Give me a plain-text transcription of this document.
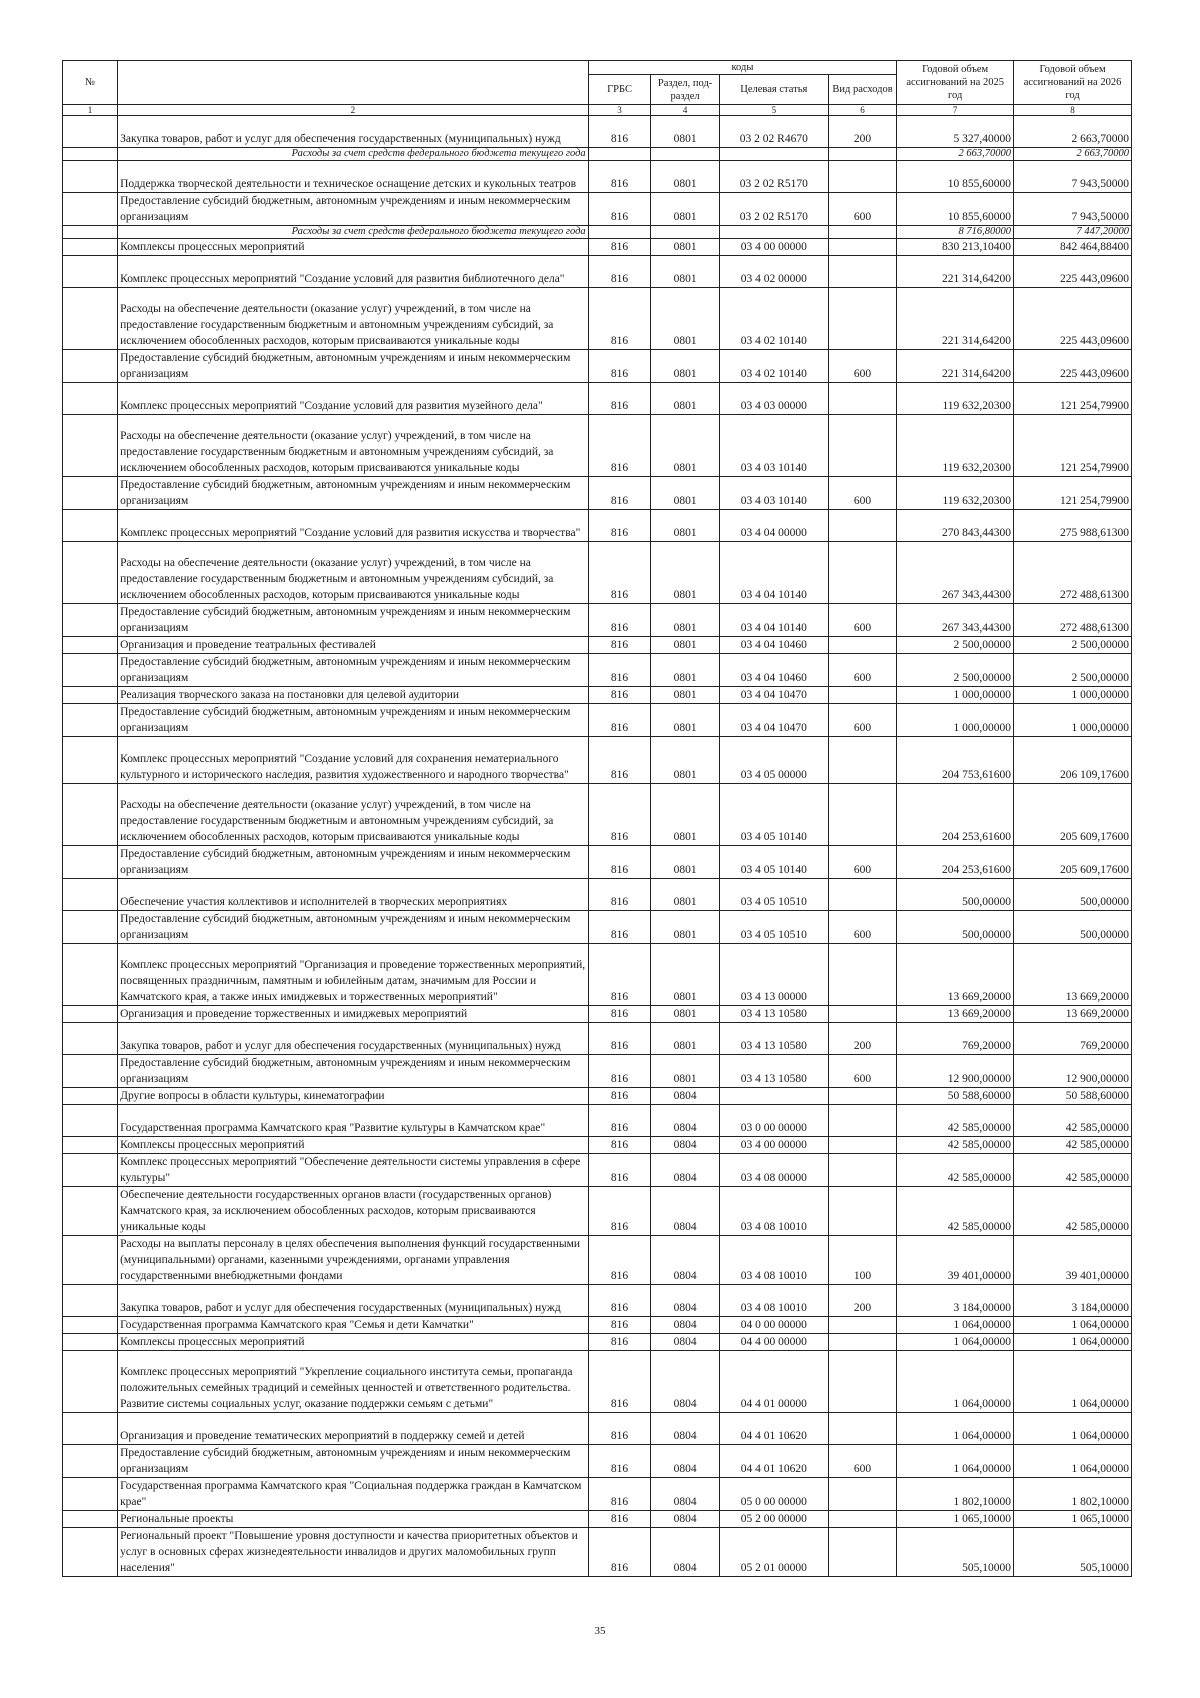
№		коды				Годовой объем ассигнований на 2025 год	Годовой объем ассигнований на 2026 год
		ГРБС	Раздел, под-раздел	Целевая статья	Вид расходов		
1	2	3	4	5	6	7	8
	Закупка товаров, работ и услуг для обеспечения государственных (муниципальных) нужд	816	0801	03 2 02 R4670	200	5 327,40000	2 663,70000
	Расходы за счет средств федерального бюджета текущего года					2 663,70000	2 663,70000
	Поддержка творческой деятельности и техническое оснащение детских и кукольных театров	816	0801	03 2 02 R5170		10 855,60000	7 943,50000
	Предоставление субсидий бюджетным, автономным учреждениям и иным некоммерческим организациям	816	0801	03 2 02 R5170	600	10 855,60000	7 943,50000
	Расходы за счет средств федерального бюджета текущего года					8 716,80000	7 447,20000
	Комплексы процессных мероприятий	816	0801	03 4 00 00000		830 213,10400	842 464,88400
	Комплекс процессных мероприятий "Создание условий для развития библиотечного дела"	816	0801	03 4 02 00000		221 314,64200	225 443,09600
	Расходы на обеспечение деятельности (оказание услуг) учреждений, в том числе на предоставление государственным бюджетным и автономным учреждениям субсидий, за исключением обособленных расходов, которым присваиваются уникальные коды	816	0801	03 4 02 10140		221 314,64200	225 443,09600
	Предоставление субсидий бюджетным, автономным учреждениям и иным некоммерческим организациям	816	0801	03 4 02 10140	600	221 314,64200	225 443,09600
	Комплекс процессных мероприятий "Создание условий для развития музейного дела"	816	0801	03 4 03 00000		119 632,20300	121 254,79900
	Расходы на обеспечение деятельности (оказание услуг) учреждений, в том числе на предоставление государственным бюджетным и автономным учреждениям субсидий, за исключением обособленных расходов, которым присваиваются уникальные коды	816	0801	03 4 03 10140		119 632,20300	121 254,79900
	Предоставление субсидий бюджетным, автономным учреждениям и иным некоммерческим организациям	816	0801	03 4 03 10140	600	119 632,20300	121 254,79900
	Комплекс процессных мероприятий "Создание условий для развития искусства и творчества"	816	0801	03 4 04 00000		270 843,44300	275 988,61300
	Расходы на обеспечение деятельности (оказание услуг) учреждений, в том числе на предоставление государственным бюджетным и автономным учреждениям субсидий, за исключением обособленных расходов, которым присваиваются уникальные коды	816	0801	03 4 04 10140		267 343,44300	272 488,61300
	Предоставление субсидий бюджетным, автономным учреждениям и иным некоммерческим организациям	816	0801	03 4 04 10140	600	267 343,44300	272 488,61300
	Организация и проведение театральных фестивалей	816	0801	03 4 04 10460		2 500,00000	2 500,00000
	Предоставление субсидий бюджетным, автономным учреждениям и иным некоммерческим организациям	816	0801	03 4 04 10460	600	2 500,00000	2 500,00000
	Реализация творческого заказа на постановки для целевой аудитории	816	0801	03 4 04 10470		1 000,00000	1 000,00000
	Предоставление субсидий бюджетным, автономным учреждениям и иным некоммерческим организациям	816	0801	03 4 04 10470	600	1 000,00000	1 000,00000
	Комплекс процессных мероприятий "Создание условий для сохранения нематериального культурного и исторического наследия, развития художественного и народного творчества"	816	0801	03 4 05 00000		204 753,61600	206 109,17600
	Расходы на обеспечение деятельности (оказание услуг) учреждений, в том числе на предоставление государственным бюджетным и автономным учреждениям субсидий, за исключением обособленных расходов, которым присваиваются уникальные коды	816	0801	03 4 05 10140		204 253,61600	205 609,17600
	Предоставление субсидий бюджетным, автономным учреждениям и иным некоммерческим организациям	816	0801	03 4 05 10140	600	204 253,61600	205 609,17600
	Обеспечение участия коллективов и исполнителей в творческих мероприятиях	816	0801	03 4 05 10510		500,00000	500,00000
	Предоставление субсидий бюджетным, автономным учреждениям и иным некоммерческим организациям	816	0801	03 4 05 10510	600	500,00000	500,00000
	Комплекс процессных мероприятий "Организация и проведение торжественных мероприятий, посвященных праздничным, памятным и юбилейным датам, значимым для России и Камчатского края, а также иных имиджевых и торжественных мероприятий"	816	0801	03 4 13 00000		13 669,20000	13 669,20000
	Организация и проведение торжественных и имиджевых мероприятий	816	0801	03 4 13 10580		13 669,20000	13 669,20000
	Закупка товаров, работ и услуг для обеспечения государственных (муниципальных) нужд	816	0801	03 4 13 10580	200	769,20000	769,20000
	Предоставление субсидий бюджетным, автономным учреждениям и иным некоммерческим организациям	816	0801	03 4 13 10580	600	12 900,00000	12 900,00000
	Другие вопросы в области культуры, кинематографии	816	0804			50 588,60000	50 588,60000
	Государственная программа Камчатского края "Развитие культуры в Камчатском крае"	816	0804	03 0 00 00000		42 585,00000	42 585,00000
	Комплексы процессных мероприятий	816	0804	03 4 00 00000		42 585,00000	42 585,00000
	Комплекс процессных мероприятий "Обеспечение деятельности системы управления в сфере культуры"	816	0804	03 4 08 00000		42 585,00000	42 585,00000
	Обеспечение деятельности государственных органов власти (государственных органов) Камчатского края, за исключением обособленных расходов, которым присваиваются уникальные коды	816	0804	03 4 08 10010		42 585,00000	42 585,00000
	Расходы на выплаты персоналу в целях обеспечения выполнения функций государственными (муниципальными) органами, казенными учреждениями, органами управления государственными внебюджетными фондами	816	0804	03 4 08 10010	100	39 401,00000	39 401,00000
	Закупка товаров, работ и услуг для обеспечения государственных (муниципальных) нужд	816	0804	03 4 08 10010	200	3 184,00000	3 184,00000
	Государственная программа Камчатского края "Семья и дети Камчатки"	816	0804	04 0 00 00000		1 064,00000	1 064,00000
	Комплексы процессных мероприятий	816	0804	04 4 00 00000		1 064,00000	1 064,00000
	Комплекс процессных мероприятий "Укрепление социального института семьи, пропаганда положительных семейных традиций и семейных ценностей и ответственного родительства. Развитие системы социальных услуг, оказание поддержки семьям с детьми"	816	0804	04 4 01 00000		1 064,00000	1 064,00000
	Организация и проведение тематических мероприятий в поддержку семей и детей	816	0804	04 4 01 10620		1 064,00000	1 064,00000
	Предоставление субсидий бюджетным, автономным учреждениям и иным некоммерческим организациям	816	0804	04 4 01 10620	600	1 064,00000	1 064,00000
	Государственная программа Камчатского края "Социальная поддержка граждан в Камчатском крае"	816	0804	05 0 00 00000		1 802,10000	1 802,10000
	Региональные проекты	816	0804	05 2 00 00000		1 065,10000	1 065,10000
	Региональный проект "Повышение уровня доступности и качества приоритетных объектов и услуг в основных сферах жизнедеятельности инвалидов и других маломобильных групп населения"	816	0804	05 2 01 00000		505,10000	505,10000
35
